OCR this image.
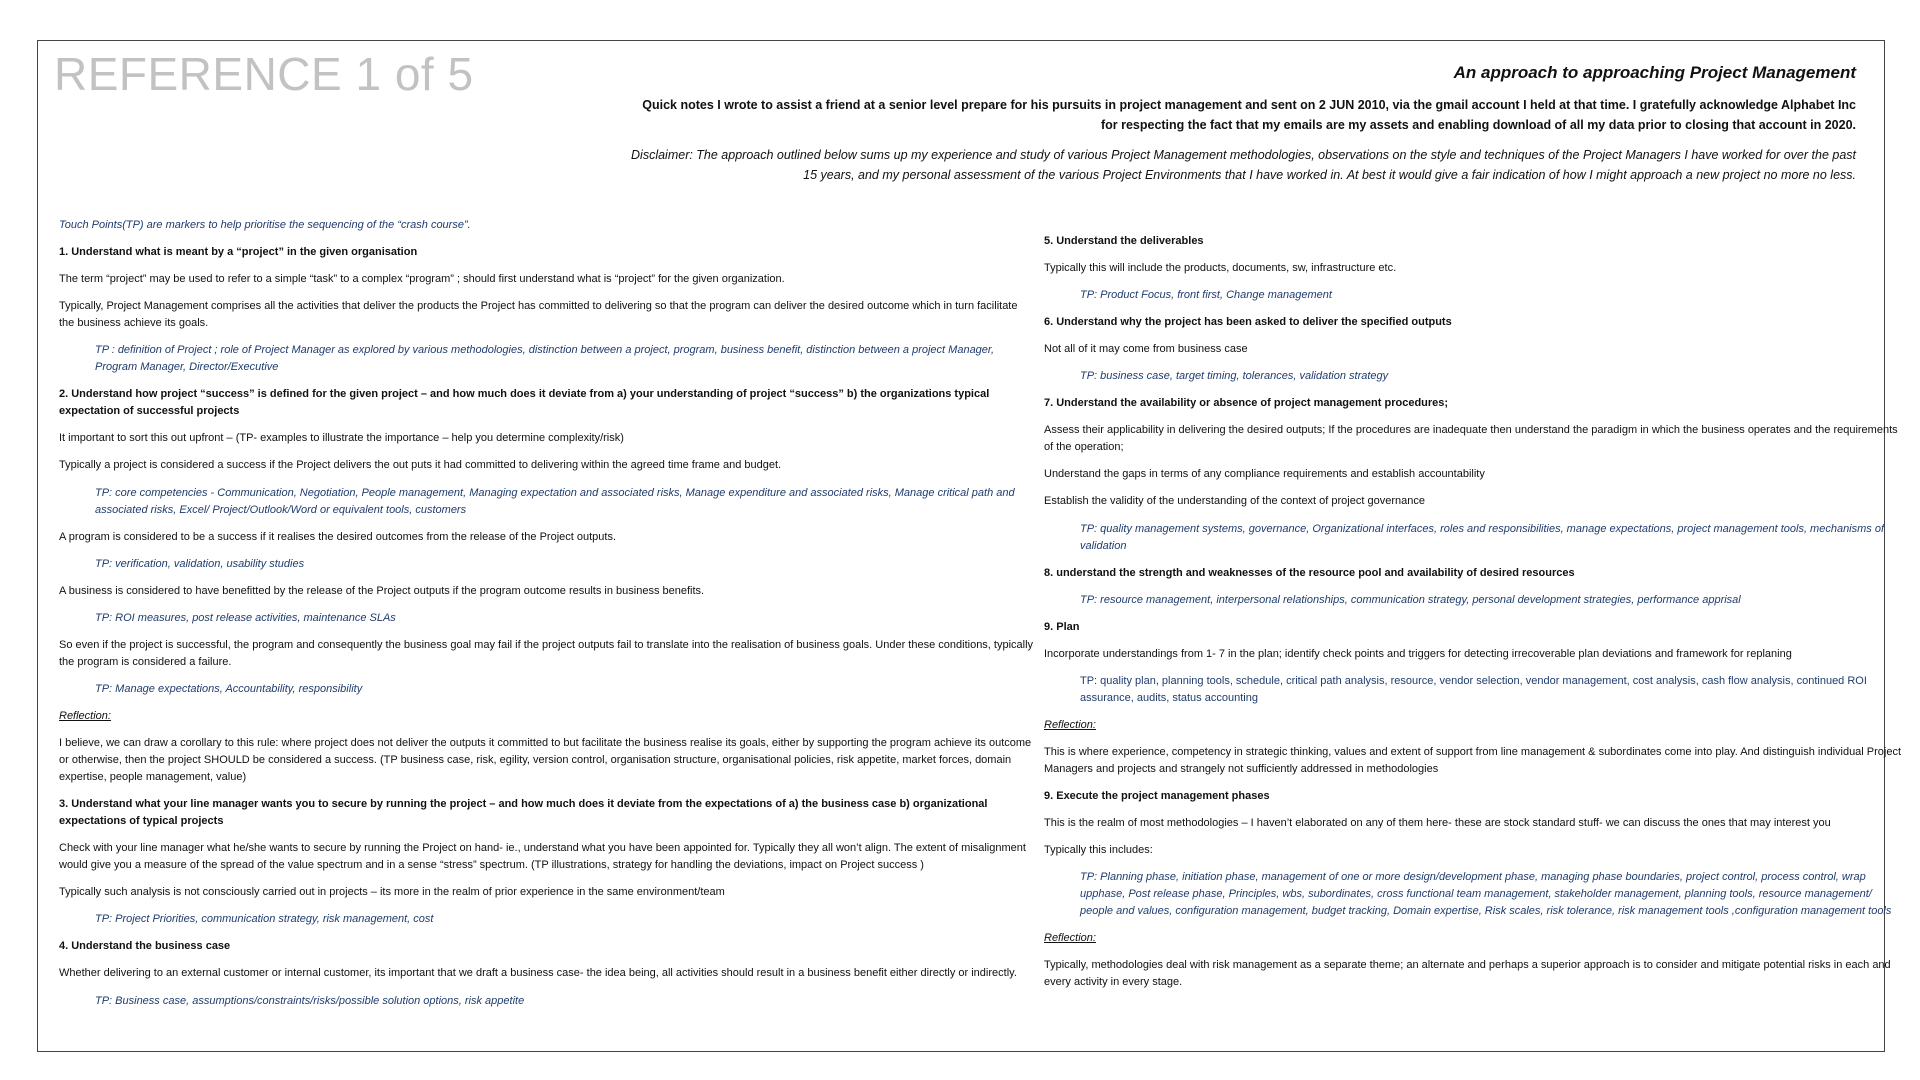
REFERENCE 1 of 5	An approach to approaching Project Management

Quick notes I wrote to assist a friend at a senior level prepare for his pursuits in project management and sent on 2 JUN 2010, via the gmail account I held at that time. I gratefully acknowledge Alphabet Inc for respecting the fact that my emails are my assets and enabling download of all my data prior to closing that account in 2020.

Disclaimer: The approach outlined below sums up my experience and study of various Project Management methodologies, observations on the style and techniques of the Project Managers I have worked for over the past 15 years, and my personal assessment of the various Project Environments that I have worked in. At best it would give a fair indication of how I might approach a new project no more no less.

Touch Points(TP) are markers to help prioritise the sequencing of the “crash course”.

1. Understand what is meant by a “project” in the given organisation

The term “project” may be used to refer to a simple “task” to a complex “program” ; should first understand what is “project” for the given organization.

Typically, Project Management comprises all the activities that deliver the products the Project has committed to delivering so that the program can deliver the desired outcome which in turn facilitate the business achieve its goals.

TP : definition of Project ; role of Project Manager as explored by various methodologies, distinction between a project, program, business benefit, distinction between a project Manager, Program Manager, Director/Executive

2. Understand how project “success” is defined for the given project – and how much does it deviate from a) your understanding of project “success” b) the organizations typical expectation of successful projects

It important to sort this out upfront – (TP- examples to illustrate the importance – help you determine complexity/risk)

Typically a project is considered a success if the Project delivers the out puts it had committed to delivering within the agreed time frame and budget.

TP: core competencies - Communication, Negotiation, People management, Managing expectation and associated risks, Manage expenditure and associated risks, Manage critical path and associated risks, Excel/ Project/Outlook/Word or equivalent tools, customers

A program is considered to be a success if it realises the desired outcomes from the release of the Project outputs.

TP: verification, validation, usability studies

A business is considered to have benefitted by the release of the Project outputs if the program outcome results in business benefits.

TP: ROI measures, post release activities, maintenance SLAs

So even if the project is successful, the program and consequently the business goal may fail if the project outputs fail to translate into the realisation of business goals. Under these conditions, typically the program is considered a failure.

TP: Manage expectations, Accountability, responsibility

Reflection:

I believe, we can draw a corollary to this rule: where project does not deliver the outputs it committed to but facilitate the business realise its goals, either by supporting the program achieve its outcome or otherwise, then the project SHOULD be considered a success. (TP business case, risk, egility, version control, organisation structure, organisational policies, risk appetite, market forces, domain expertise, people management, value)

3. Understand what your line manager wants you to secure by running the project – and how much does it deviate from the expectations of a) the business case b) organizational expectations of typical projects

Check with your line manager what he/she wants to secure by running the Project on hand- ie., understand what you have been appointed for. Typically they all won’t align. The extent of misalignment would give you a measure of the spread of the value spectrum and in a sense “stress” spectrum. (TP illustrations, strategy for handling the deviations, impact on Project success )

Typically such analysis is not consciously carried out in projects – its more in the realm of prior experience in the same environment/team

TP: Project Priorities, communication strategy, risk management, cost

4. Understand the business case

Whether delivering to an external customer or internal customer, its important that we draft a business case- the idea being, all activities should result in a business benefit either directly or indirectly.

TP: Business case, assumptions/constraints/risks/possible solution options, risk appetite

5. Understand the deliverables

Typically this will include the products, documents, sw, infrastructure etc.

TP: Product Focus, front first, Change management

6. Understand why the project has been asked to deliver the specified outputs

Not all of it may come from business case

TP: business case, target timing, tolerances, validation strategy

7. Understand the availability or absence of project management procedures;

Assess their applicability in delivering the desired outputs; If the procedures are inadequate then understand the paradigm in which the business operates and the requirements of the operation;

Understand the gaps in terms of any compliance requirements and establish accountability

Establish the validity of the understanding of the context of project governance

TP: quality management systems, governance, Organizational interfaces, roles and responsibilities, manage expectations, project management tools, mechanisms of validation

8. understand the strength and weaknesses of the resource pool and availability of desired resources

TP: resource management, interpersonal relationships, communication strategy, personal development strategies, performance apprisal

9. Plan

Incorporate understandings from 1- 7 in the plan; identify check points and triggers for detecting irrecoverable plan deviations and framework for replaning

TP: quality plan, planning tools, schedule, critical path analysis, resource, vendor selection, vendor management, cost analysis, cash flow analysis, continued ROI assurance, audits, status accounting

Reflection:

This is where experience, competency in strategic thinking, values and extent of support from line management & subordinates come into play. And distinguish individual Project Managers and projects and strangely not sufficiently addressed in methodologies

9. Execute the project management phases

This is the realm of most methodologies – I haven’t elaborated on any of them here- these are stock standard stuff- we can discuss the ones that may interest you

Typically this includes:

TP: Planning phase, initiation phase, management of one or more design/development phase, managing phase boundaries, project control, process control, wrap upphase, Post release phase, Principles, wbs, subordinates, cross functional team management, stakeholder management, planning tools, resource management/ people and values, configuration management, budget tracking, Domain expertise, Risk scales, risk tolerance, risk management tools ,configuration management tools

Reflection:

Typically, methodologies deal with risk management as a separate theme; an alternate and perhaps a superior approach is to consider and mitigate potential risks in each and every activity in every stage.
